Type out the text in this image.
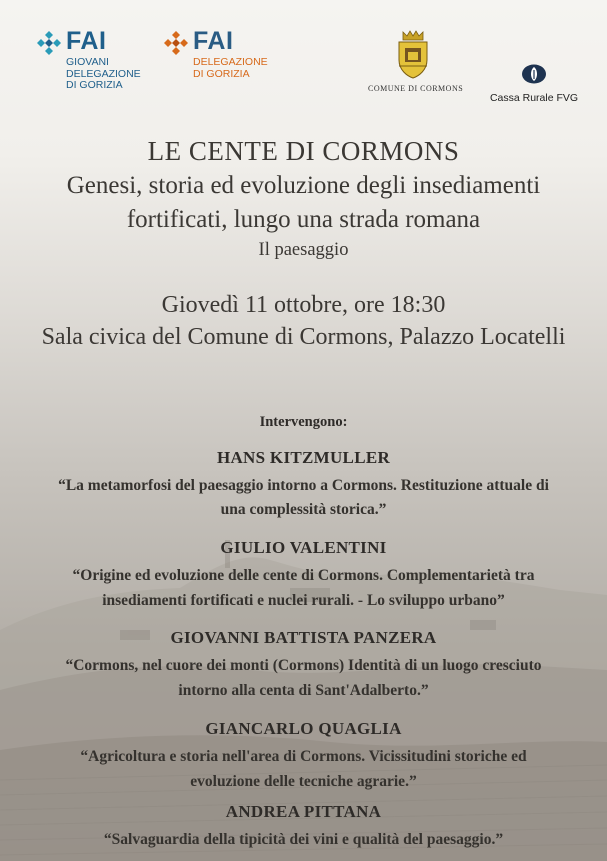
FAI
GIOVANI
DELEGAZIONE
DI GORIZIA
FAI
DELEGAZIONE
DI GORIZIA
COMUNE DI CORMONS
Cassa Rurale FVG
LE CENTE DI CORMONS
Genesi, storia ed evoluzione degli insediamenti
fortificati, lungo una strada romana
Il paesaggio
Giovedì 11 ottobre, ore 18:30
Sala civica del Comune di Cormons, Palazzo Locatelli
Intervengono:
HANS KITZMULLER
“La metamorfosi del paesaggio intorno a Cormons. Restituzione attuale di
una complessità storica.”
GIULIO VALENTINI
“Origine ed evoluzione delle cente di Cormons. Complementarietà tra
insediamenti fortificati e nuclei rurali. - Lo sviluppo urbano”
GIOVANNI BATTISTA PANZERA
“Cormons, nel cuore dei monti (Cormons) Identità di un luogo cresciuto
intorno alla centa di Sant'Adalberto.”
GIANCARLO QUAGLIA
“Agricoltura e storia nell'area di Cormons. Vicissitudini storiche ed
evoluzione delle tecniche agrarie.”
ANDREA PITTANA
“Salvaguardia della tipicità dei vini e qualità del paesaggio.”
